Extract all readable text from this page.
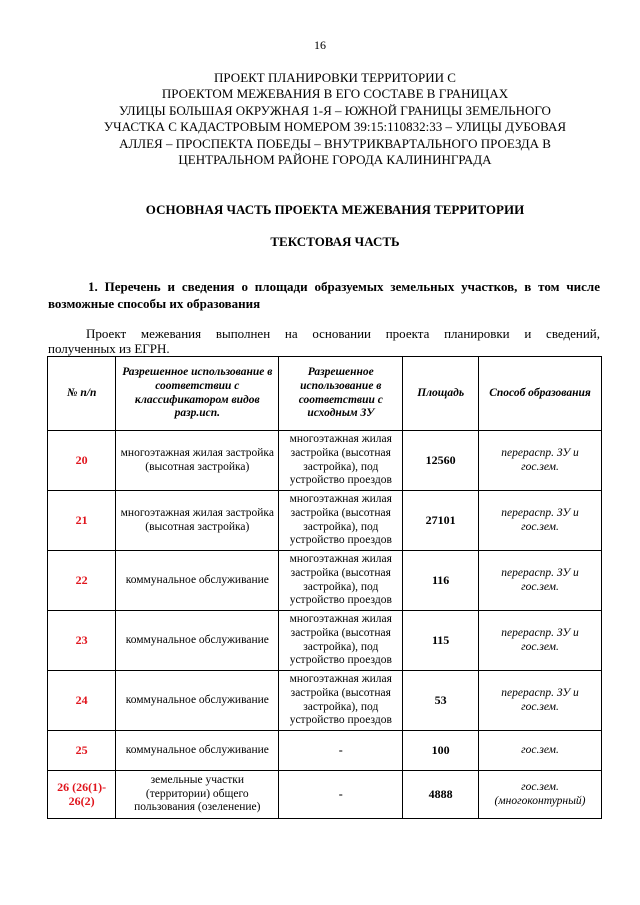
16
ПРОЕКТ ПЛАНИРОВКИ ТЕРРИТОРИИ С
ПРОЕКТОМ МЕЖЕВАНИЯ В ЕГО СОСТАВЕ В ГРАНИЦАХ
УЛИЦЫ БОЛЬШАЯ ОКРУЖНАЯ 1-Я – ЮЖНОЙ ГРАНИЦЫ ЗЕМЕЛЬНОГО
УЧАСТКА С КАДАСТРОВЫМ НОМЕРОМ 39:15:110832:33 – УЛИЦЫ ДУБОВАЯ
АЛЛЕЯ – ПРОСПЕКТА ПОБЕДЫ – ВНУТРИКВАРТАЛЬНОГО ПРОЕЗДА В
ЦЕНТРАЛЬНОМ РАЙОНЕ ГОРОДА КАЛИНИНГРАДА
ОСНОВНАЯ ЧАСТЬ ПРОЕКТА МЕЖЕВАНИЯ ТЕРРИТОРИИ
ТЕКСТОВАЯ ЧАСТЬ
1. Перечень и сведения о площади образуемых земельных участков, в том числе
возможные способы их образования
Проект межевания выполнен на основании проекта планировки и сведений,
полученных из ЕГРН.
№ п/п	Разрешенное использование в соответствии с классификатором видов разр.исп.	Разрешенное использование в соответствии с исходным ЗУ	Площадь	Способ образования
20	многоэтажная жилая застройка (высотная застройка)	многоэтажная жилая застройка (высотная застройка), под устройство проездов	12560	перераспр. ЗУ и гос.зем.
21	многоэтажная жилая застройка (высотная застройка)	многоэтажная жилая застройка (высотная застройка), под устройство проездов	27101	перераспр. ЗУ и гос.зем.
22	коммунальное обслуживание	многоэтажная жилая застройка (высотная застройка), под устройство проездов	116	перераспр. ЗУ и гос.зем.
23	коммунальное обслуживание	многоэтажная жилая застройка (высотная застройка), под устройство проездов	115	перераспр. ЗУ и гос.зем.
24	коммунальное обслуживание	многоэтажная жилая застройка (высотная застройка), под устройство проездов	53	перераспр. ЗУ и гос.зем.
25	коммунальное обслуживание	-	100	гос.зем.
26 (26(1)- 26(2)	земельные участки (территории) общего пользования (озеленение)	-	4888	гос.зем. (многоконтурный)
